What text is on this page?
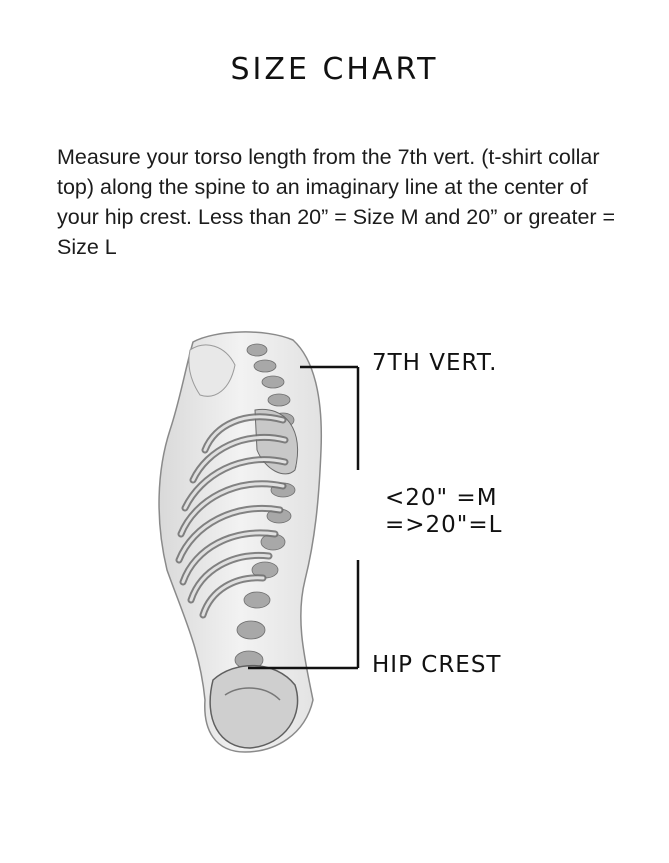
SIZE CHART
Measure your torso length from the 7th vert. (t-shirt collar top) along the spine to an imaginary line at the center of your hip crest. Less than 20” = Size M and 20” or greater = Size L
7TH VERT.
<20" =M
=>20"=L
HIP CREST
